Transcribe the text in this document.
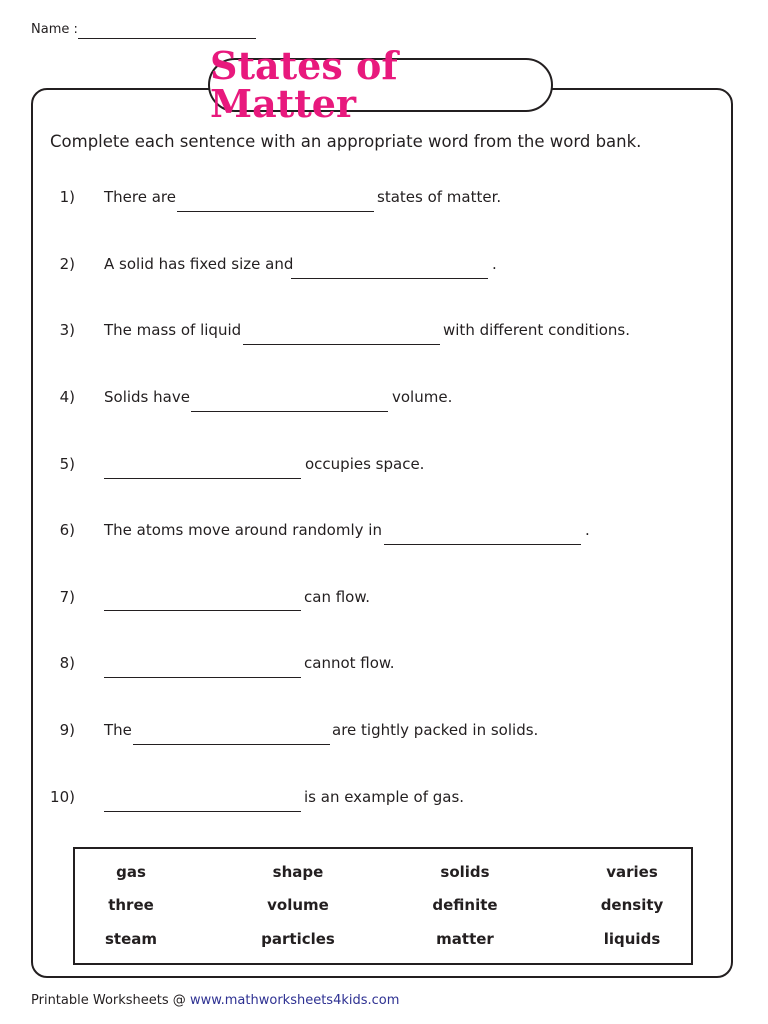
Name :
States of Matter
Complete each sentence with an appropriate word from the word bank.
1) There are	states of matter.
2) A solid has fixed size and	.
3) The mass of liquid	with different conditions.
4) Solids have	volume.
5)	occupies space.
6) The atoms move around randomly in	.
7)	can flow.
8)	cannot flow.
9) The	are tightly packed in solids.
10)	is an example of gas.
gas	shape	solids	varies
three	volume	definite	density
steam	particles	matter	liquids
Printable Worksheets @ www.mathworksheets4kids.com
